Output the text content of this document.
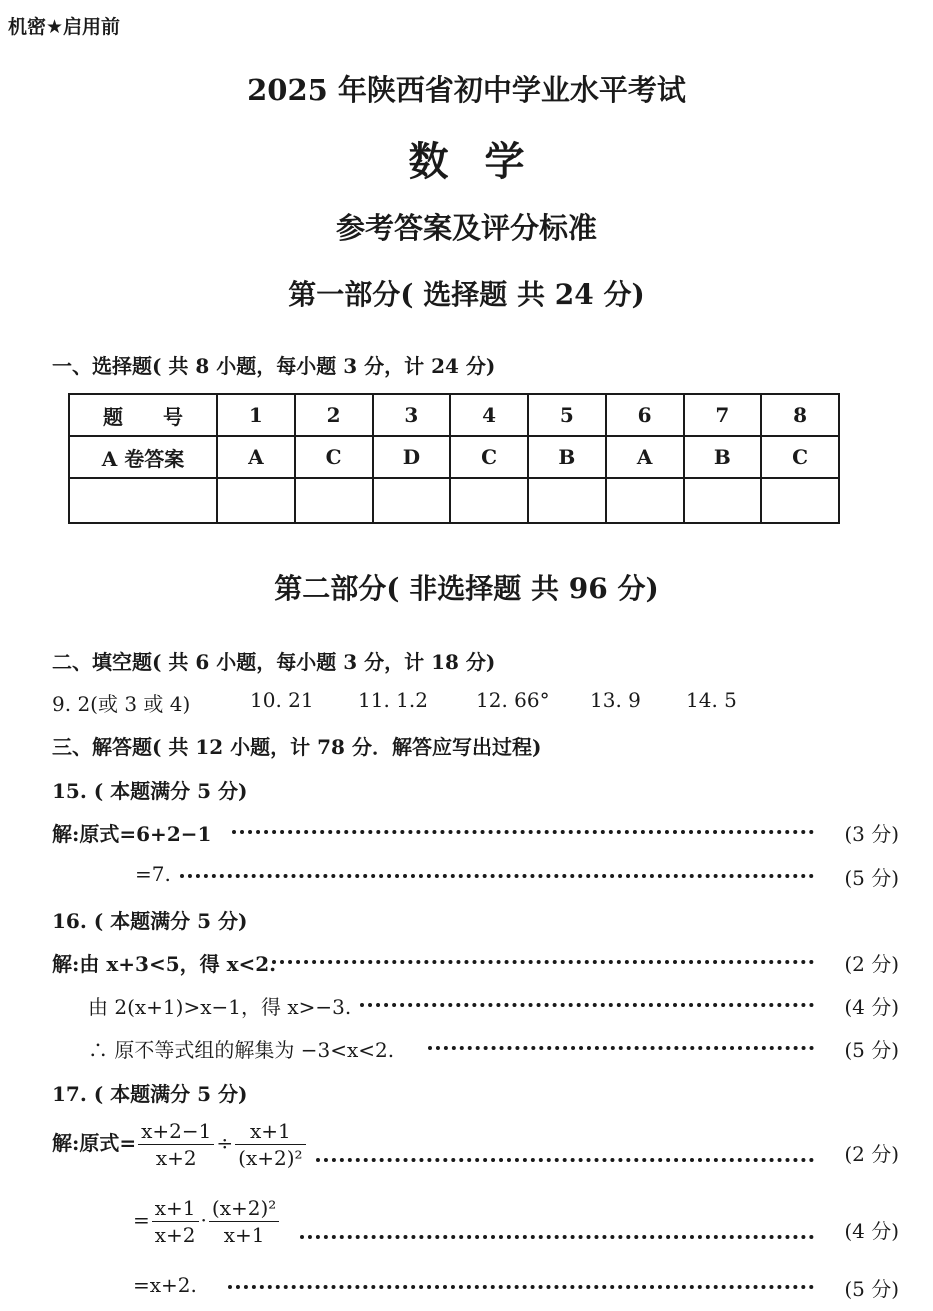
机密★启用前
2025 年陕西省初中学业水平考试
数学
参考答案及评分标准
第一部分( 选择题 共 24 分)
一、选择题( 共 8 小题，每小题 3 分，计 24 分)
题　　号	1	2	3	4	5	6	7	8
A 卷答案	A	C	D	C	B	A	B	C

第二部分( 非选择题 共 96 分)
二、填空题( 共 6 小题，每小题 3 分，计 18 分)
9. 2(或 3 或 4)	10. 21 11. 1.2 12. 66° 13. 9 14. 5
三、解答题( 共 12 小题，计 78 分．解答应写出过程)
15. ( 本题满分 5 分)
解:原式=6+2−1	(3 分)
=7.	(5 分)
16. ( 本题满分 5 分)
解:由 x+3<5，得 x<2.	(2 分)
由 2(x+1)>x−1，得 x>−3.	(4 分)
∴ 原不等式组的解集为 −3<x<2.	(5 分)
17. ( 本题满分 5 分)
解:原式= $\frac{x+2-1}{x+2} \div \frac{x+1}{\text{(x+2)²}}$	(2 分)
= $\frac{x+1}{x+2} \cdot \frac{\text{(x+2)²}}{x+1}$	(4 分)
=x+2.	(5 分)
